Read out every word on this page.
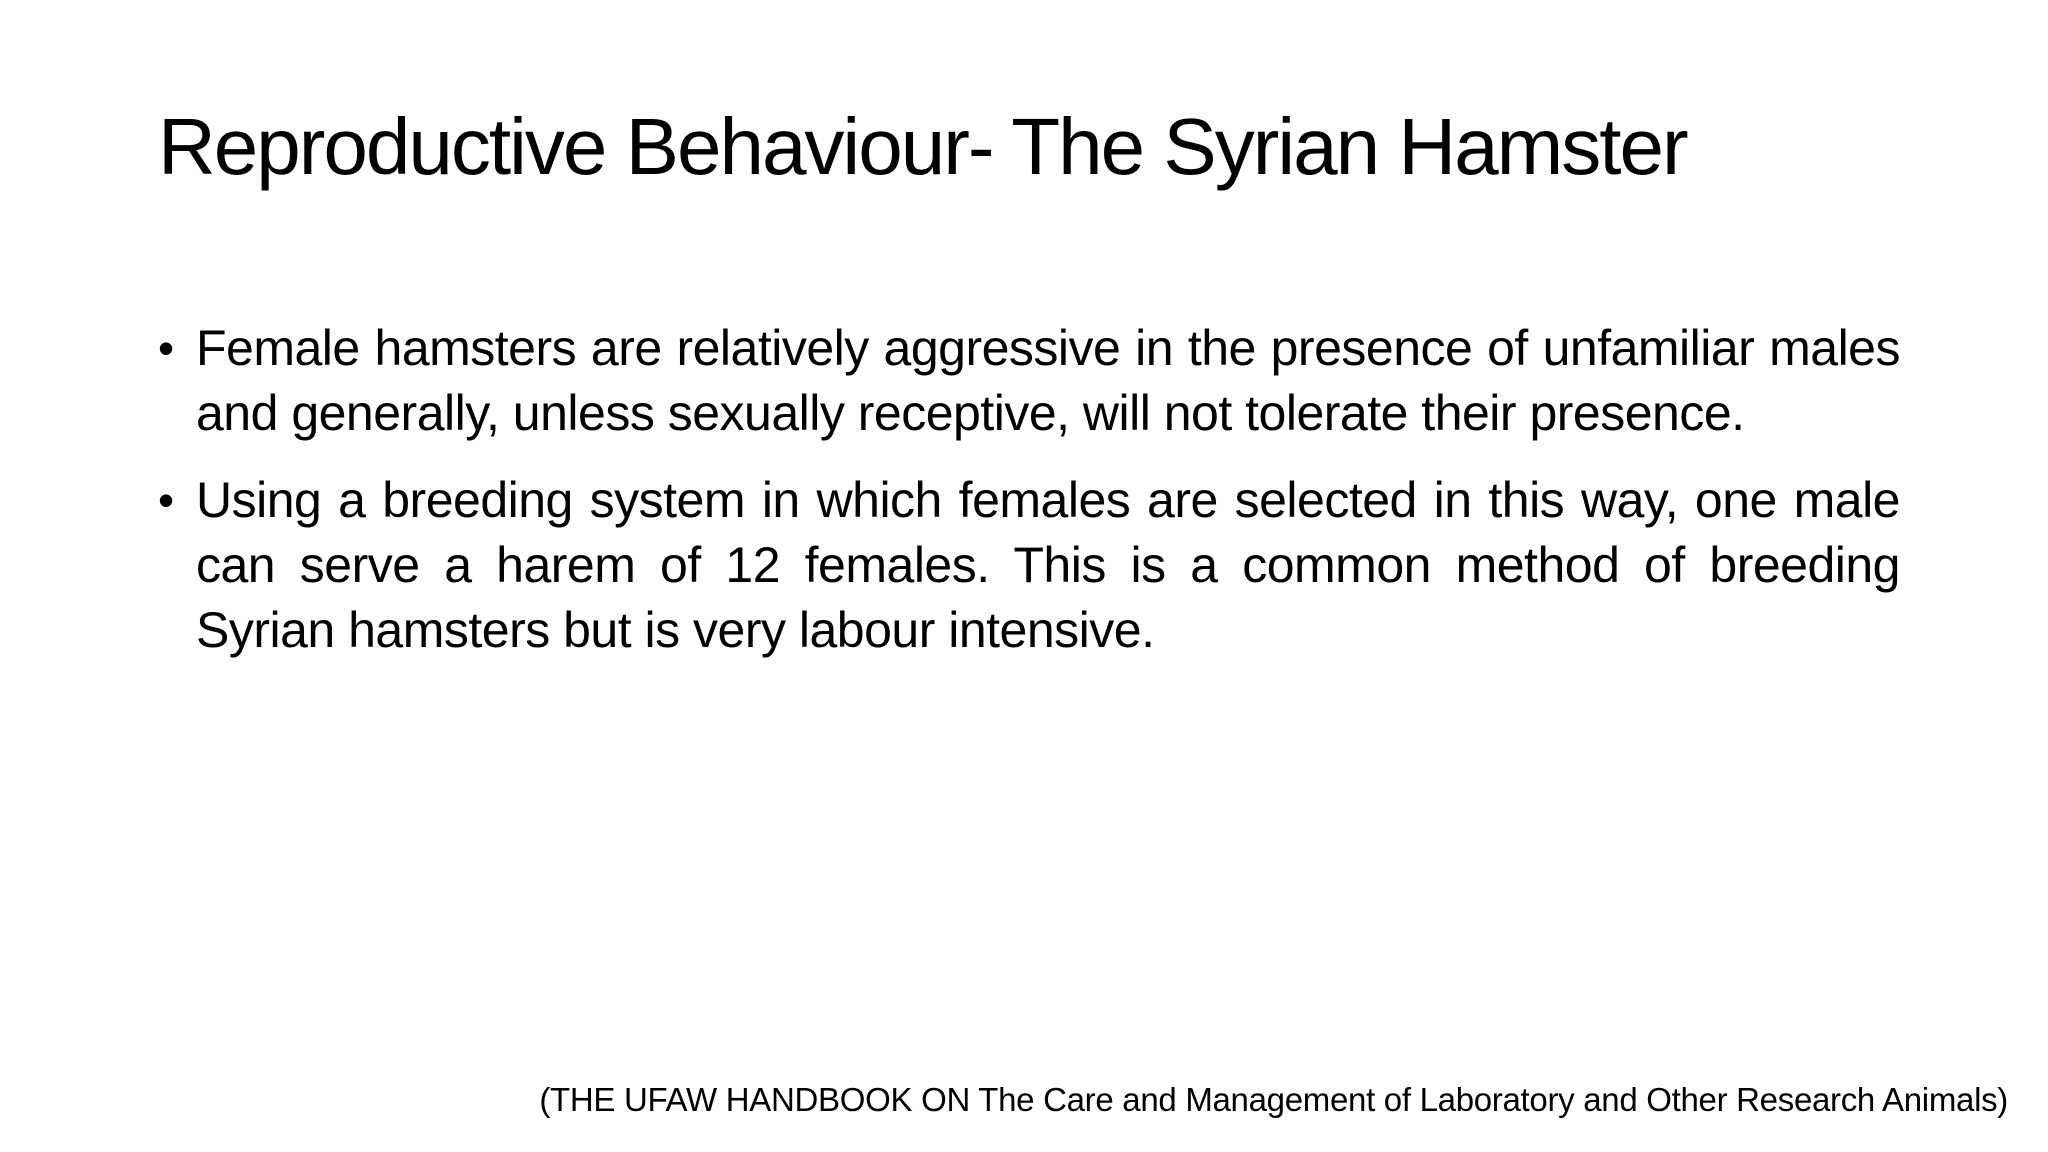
Reproductive Behaviour- The Syrian Hamster
• Female hamsters are relatively aggressive in the presence of unfamiliar males and generally, unless sexually receptive, will not tolerate their presence.
• Using a breeding system in which females are selected in this way, one male can serve a harem of 12 females. This is a common method of breeding Syrian hamsters but is very labour intensive.

(THE UFAW HANDBOOK ON The Care and Management of Laboratory and Other Research Animals)
